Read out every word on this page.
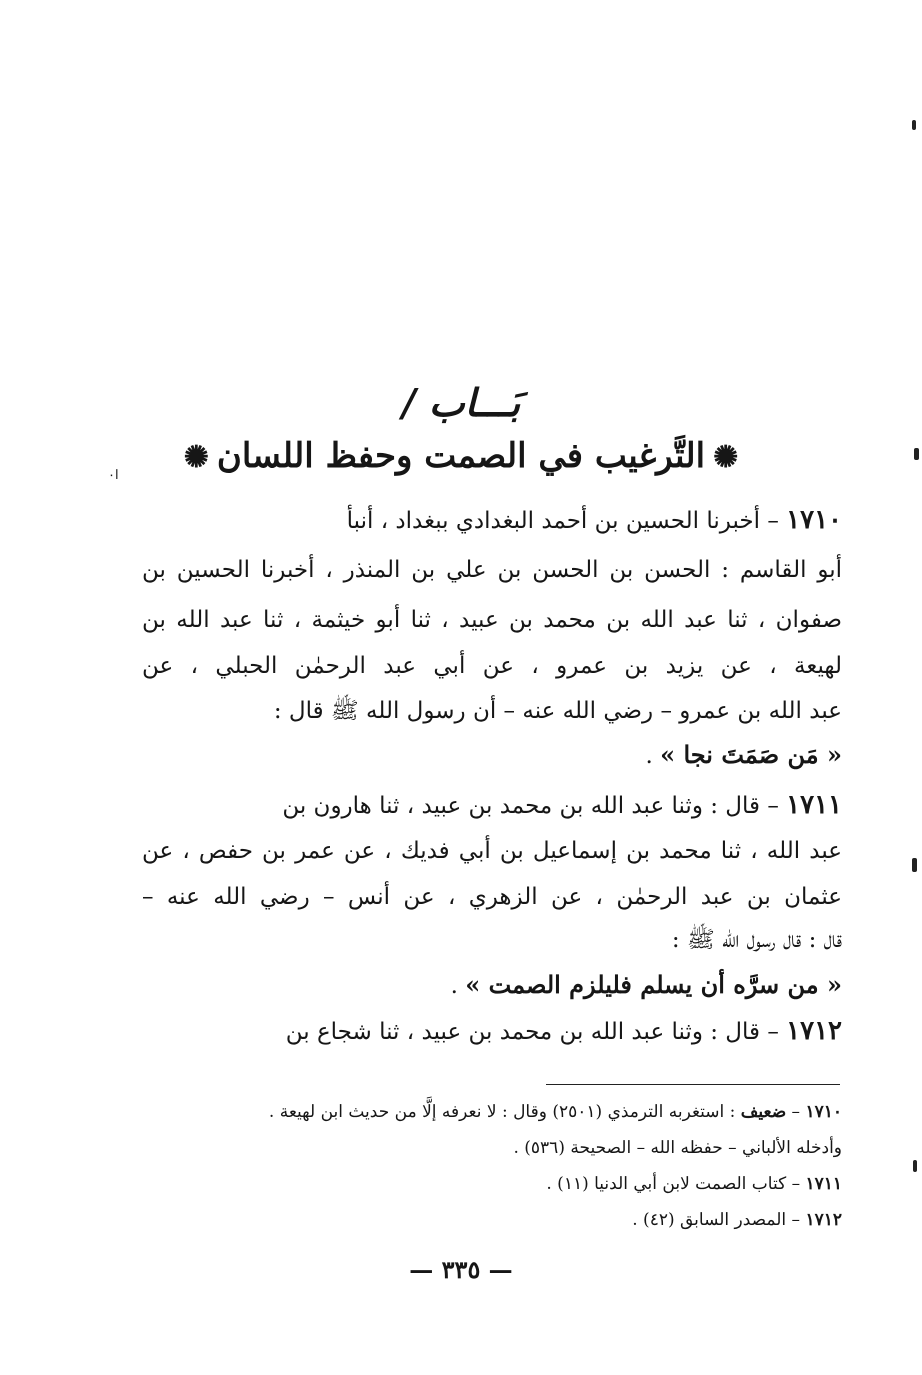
بَـــاب /
✺التَّرغيب في الصمت وحفظ اللسان✺
ا٠
١٧١٠ – أخبرنا الحسين بن أحمد البغدادي ببغداد ، أنبأ
أبو القاسم : الحسن بن الحسن بن علي بن المنذر ، أخبرنا الحسين بن
صفوان ، ثنا عبد الله بن محمد بن عبيد ، ثنا أبو خيثمة ، ثنا عبد الله بن
لهيعة ، عن يزيد بن عمرو ، عن أبي عبد الرحمٰن الحبلي ، عن
عبد الله بن عمرو – رضي الله عنه – أن رسول الله ﷺ قال :
« مَن صَمَتَ نجا » .
١٧١١ – قال : وثنا عبد الله بن محمد بن عبيد ، ثنا هارون بن
عبد الله ، ثنا محمد بن إسماعيل بن أبي فديك ، عن عمر بن حفص ، عن
عثمان بن عبد الرحمٰن ، عن الزهري ، عن أنس – رضي الله عنه –
قال : قال رسول الله ﷺ :
« من سرَّه أن يسلم فليلزم الصمت » .
١٧١٢ – قال : وثنا عبد الله بن محمد بن عبيد ، ثنا شجاع بن
١٧١٠ – ضعيف : استغربه الترمذي (٢٥٠١) وقال : لا نعرفه إلَّا من حديث ابن لهيعة .
وأدخله الألباني – حفظه الله – الصحيحة (٥٣٦) .
١٧١١ – كتاب الصمت لابن أبي الدنيا (١١) .
١٧١٢ – المصدر السابق (٤٢) .
— ٣٣٥ —
